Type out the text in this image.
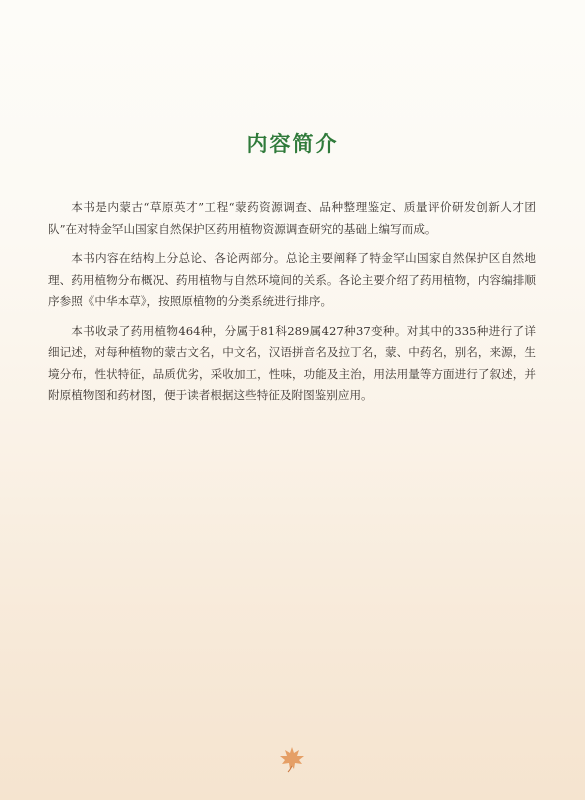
内容简介

本书是内蒙古“草原英才”工程“蒙药资源调查、品种整理鉴定、质量评价研发创新人才团队”在对特金罕山国家自然保护区药用植物资源调查研究的基础上编写而成。

本书内容在结构上分总论、各论两部分。总论主要阐释了特金罕山国家自然保护区自然地理、药用植物分布概况、药用植物与自然环境间的关系。各论主要介绍了药用植物，内容编排顺序参照《中华本草》，按照原植物的分类系统进行排序。

本书收录了药用植物464种，分属于81科289属427种37变种。对其中的335种进行了详细记述，对每种植物的蒙古文名，中文名，汉语拼音名及拉丁名，蒙、中药名，别名，来源，生境分布，性状特征，品质优劣，采收加工，性味，功能及主治，用法用量等方面进行了叙述，并附原植物图和药材图，便于读者根据这些特征及附图鉴别应用。
